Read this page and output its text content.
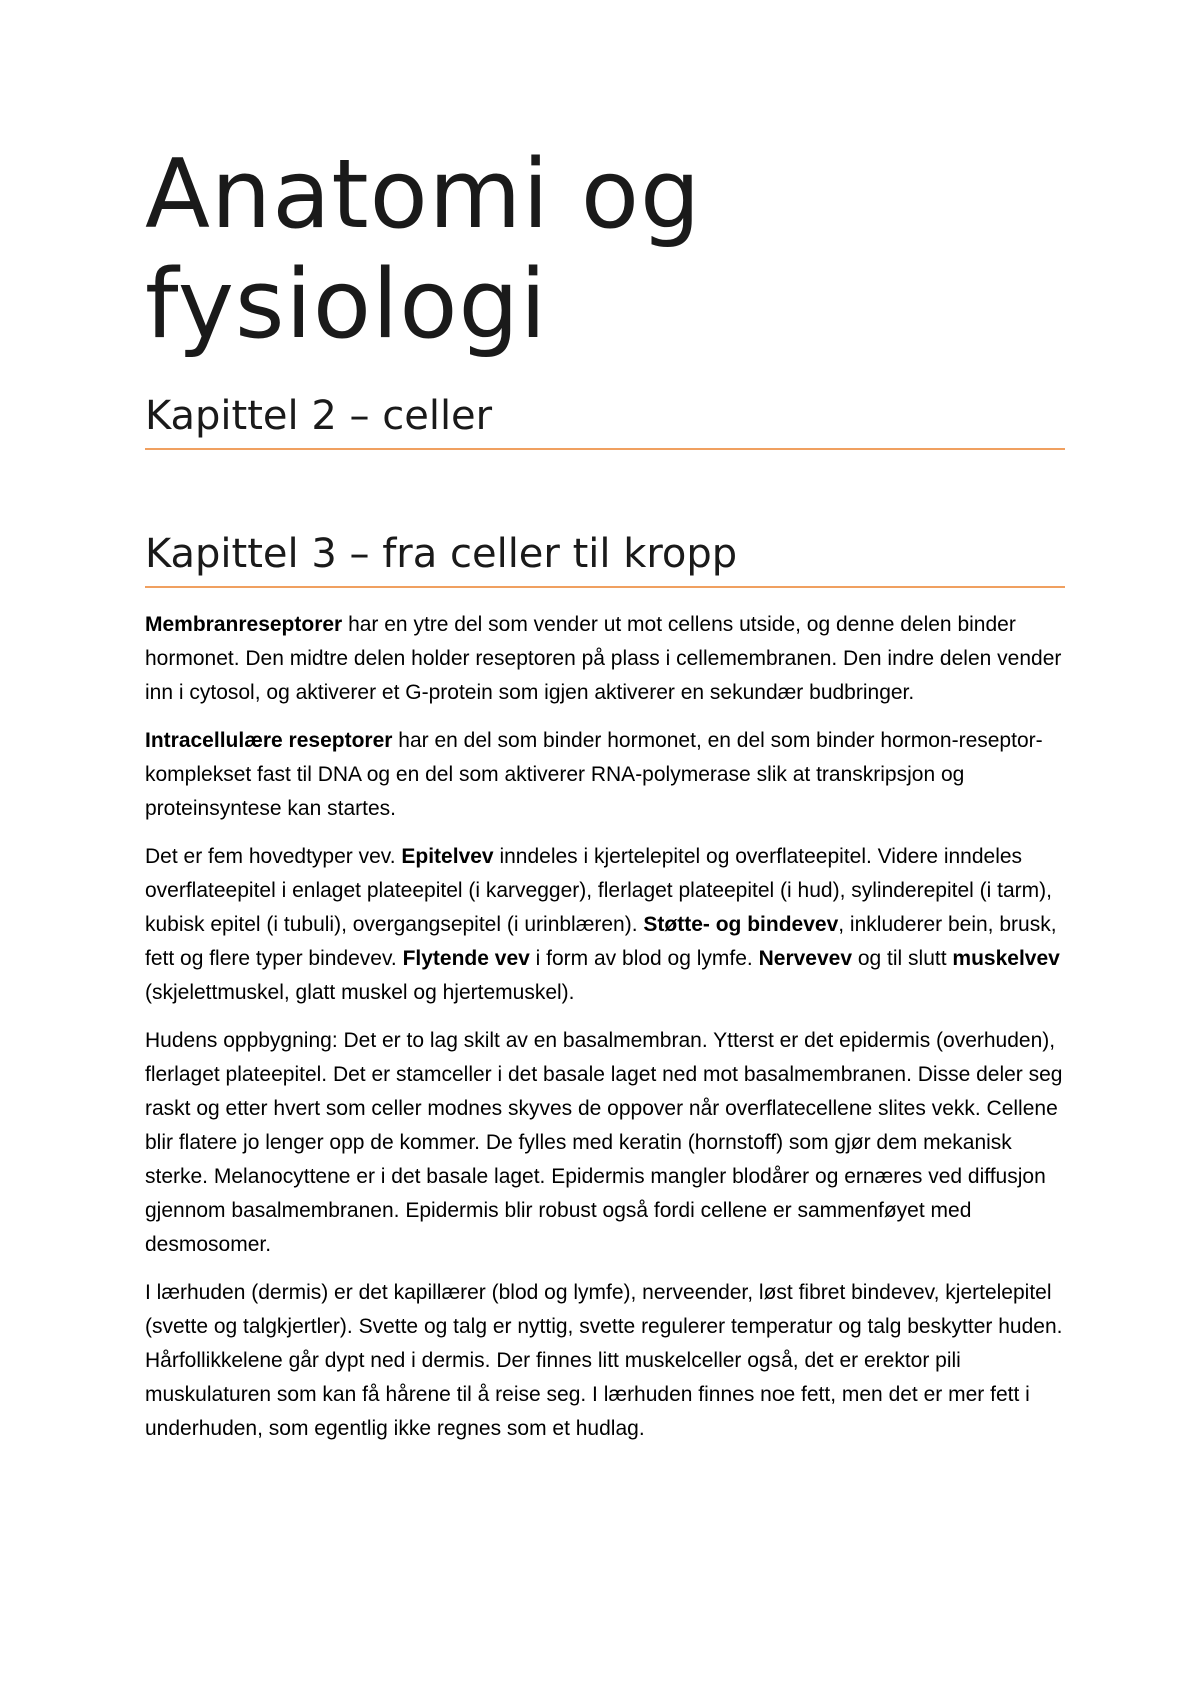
Anatomi og
fysiologi
Kapittel 2 – celler
Kapittel 3 – fra celler til kropp

Membranreseptorer har en ytre del som vender ut mot cellens utside, og denne delen binder hormonet. Den midtre delen holder reseptoren på plass i cellemembranen. Den indre delen vender inn i cytosol, og aktiverer et G-protein som igjen aktiverer en sekundær budbringer.

Intracellulære reseptorer har en del som binder hormonet, en del som binder hormon-reseptor-komplekset fast til DNA og en del som aktiverer RNA-polymerase slik at transkripsjon og proteinsyntese kan startes.

Det er fem hovedtyper vev. Epitelvev inndeles i kjertelepitel og overflateepitel. Videre inndeles overflateepitel i enlaget plateepitel (i karvegger), flerlaget plateepitel (i hud), sylinderepitel (i tarm), kubisk epitel (i tubuli), overgangsepitel (i urinblæren). Støtte- og bindevev, inkluderer bein, brusk, fett og flere typer bindevev. Flytende vev i form av blod og lymfe. Nervevev og til slutt muskelvev (skjelettmuskel, glatt muskel og hjertemuskel).

Hudens oppbygning: Det er to lag skilt av en basalmembran. Ytterst er det epidermis (overhuden), flerlaget plateepitel. Det er stamceller i det basale laget ned mot basalmembranen. Disse deler seg raskt og etter hvert som celler modnes skyves de oppover når overflatecellene slites vekk. Cellene blir flatere jo lenger opp de kommer. De fylles med keratin (hornstoff) som gjør dem mekanisk sterke. Melanocyttene er i det basale laget. Epidermis mangler blodårer og ernæres ved diffusjon gjennom basalmembranen. Epidermis blir robust også fordi cellene er sammenføyet med desmosomer.

I lærhuden (dermis) er det kapillærer (blod og lymfe), nerveender, løst fibret bindevev, kjertelepitel (svette og talgkjertler). Svette og talg er nyttig, svette regulerer temperatur og talg beskytter huden. Hårfollikkelene går dypt ned i dermis. Der finnes litt muskelceller også, det er erektor pili muskulaturen som kan få hårene til å reise seg. I lærhuden finnes noe fett, men det er mer fett i underhuden, som egentlig ikke regnes som et hudlag.
